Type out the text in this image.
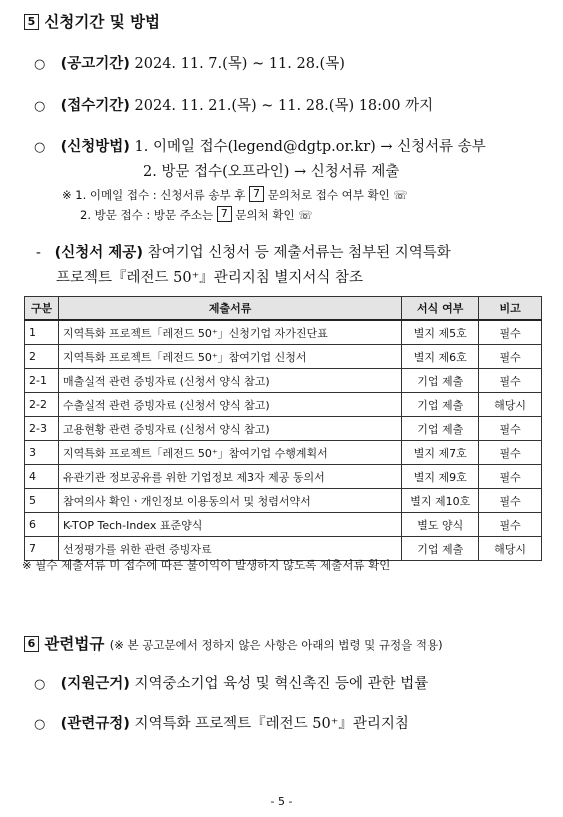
5 신청기간 및 방법
○ (공고기간) 2024. 11. 7.(목) ~ 11. 28.(목)
○ (접수기간) 2024. 11. 21.(목) ~ 11. 28.(목) 18:00 까지
○ (신청방법) 1. 이메일 접수(legend@dgtp.or.kr) → 신청서류 송부
2. 방문 접수(오프라인) → 신청서류 제출
※ 1. 이메일 접수 : 신청서류 송부 후 7 문의처로 접수 여부 확인 ☏
2. 방문 접수 : 방문 주소는 7 문의처 확인 ☏
- (신청서 제공) 참여기업 신청서 등 제출서류는 첨부된 지역특화
프로젝트『레전드 50⁺』관리지침 별지서식 참조
구분	제출서류	서식 여부	비고
1	지역특화 프로젝트「레전드 50⁺」신청기업 자가진단표	별지 제5호	필수
2	지역특화 프로젝트「레전드 50⁺」참여기업 신청서	별지 제6호	필수
2-1	매출실적 관련 증빙자료 (신청서 양식 참고)	기업 제출	필수
2-2	수출실적 관련 증빙자료 (신청서 양식 참고)	기업 제출	해당시
2-3	고용현황 관련 증빙자료 (신청서 양식 참고)	기업 제출	필수
3	지역특화 프로젝트「레전드 50⁺」참여기업 수행계획서	별지 제7호	필수
4	유관기관 정보공유를 위한 기업정보 제3자 제공 동의서	별지 제9호	필수
5	참여의사 확인ㆍ개인정보 이용동의서 및 청렴서약서	별지 제10호	필수
6	K-TOP Tech-Index 표준양식	별도 양식	필수
7	선정평가를 위한 관련 증빙자료	기업 제출	해당시
※ 필수 제출서류 미 접수에 따른 불이익이 발생하지 않도록 제출서류 확인
6 관련법규 (※ 본 공고문에서 정하지 않은 사항은 아래의 법령 및 규정을 적용)
○ (지원근거) 지역중소기업 육성 및 혁신촉진 등에 관한 법률
○ (관련규정) 지역특화 프로젝트『레전드 50⁺』관리지침
- 5 -
